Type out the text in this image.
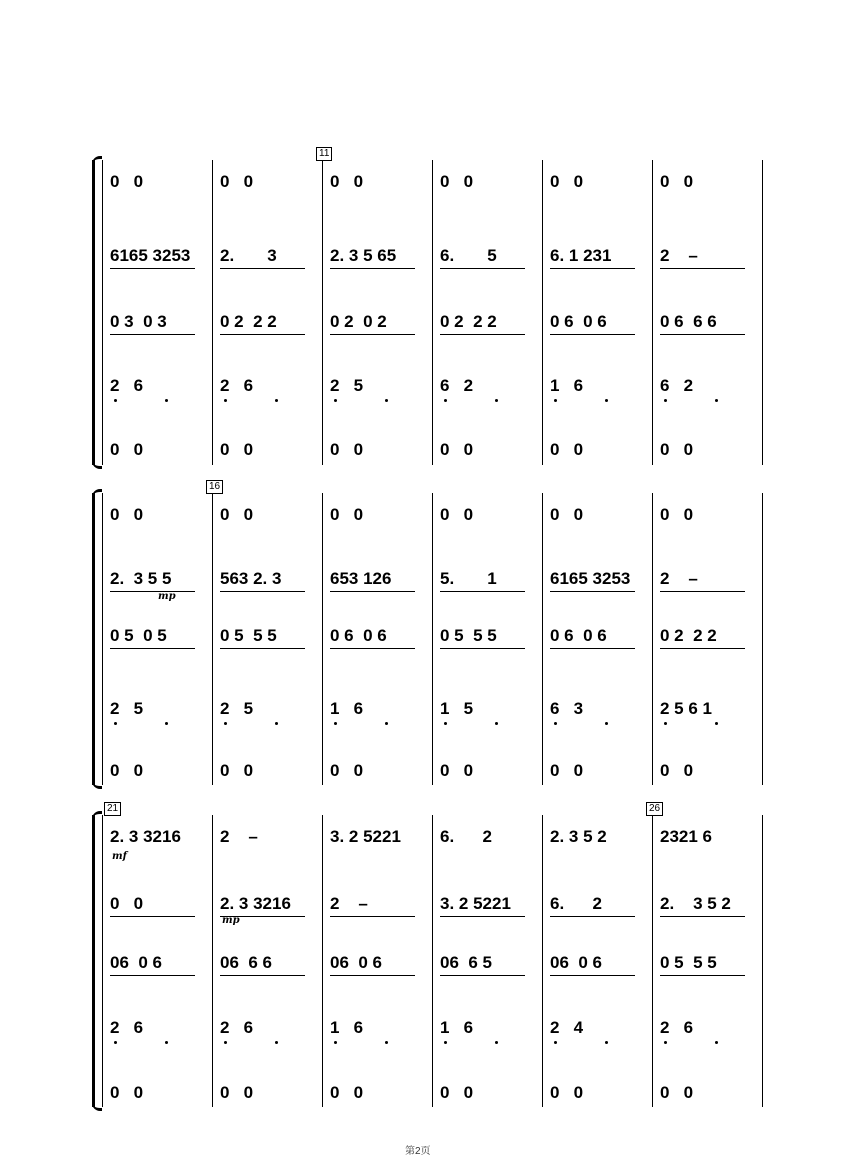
0   0
6165 3253
0 3  0 3
2   6
0   0
0   0
2.       3
0 2  2 2
2   6
0   0
0   0
2. 3 5 65
0 2  0 2
2   5
0   0
0   0
6.       5
0 2  2 2
6   2
0   0
0   0
6. 1 231
0 6  0 6
1   6
0   0
0   0
2    –
0 6  6 6
6   2
0   0
11
0   0
2.  3 5 5
0 5  0 5
2   5
0   0
0   0
563 2. 3
0 5  5 5
2   5
0   0
0   0
653 126
0 6  0 6
1   6
0   0
0   0
5.       1
0 5  5 5
1   5
0   0
0   0
6165 3253
0 6  0 6
6   3
0   0
0   0
2    –
0 2  2 2
2 5 6 1
0   0
16
mp
2. 3 3216
0   0
06  0 6
2   6
0   0
2    –
2. 3 3216
06  6 6
2   6
0   0
3. 2 5221
2    –
06  0 6
1   6
0   0
6.      2
3. 2 5221
06  6 5
1   6
0   0
2. 3 5 2
6.      2
06  0 6
2   4
0   0
2321 6
2.    3 5 2
0 5  5 5
2   6
0   0
21	26
mf
mp
第2页
